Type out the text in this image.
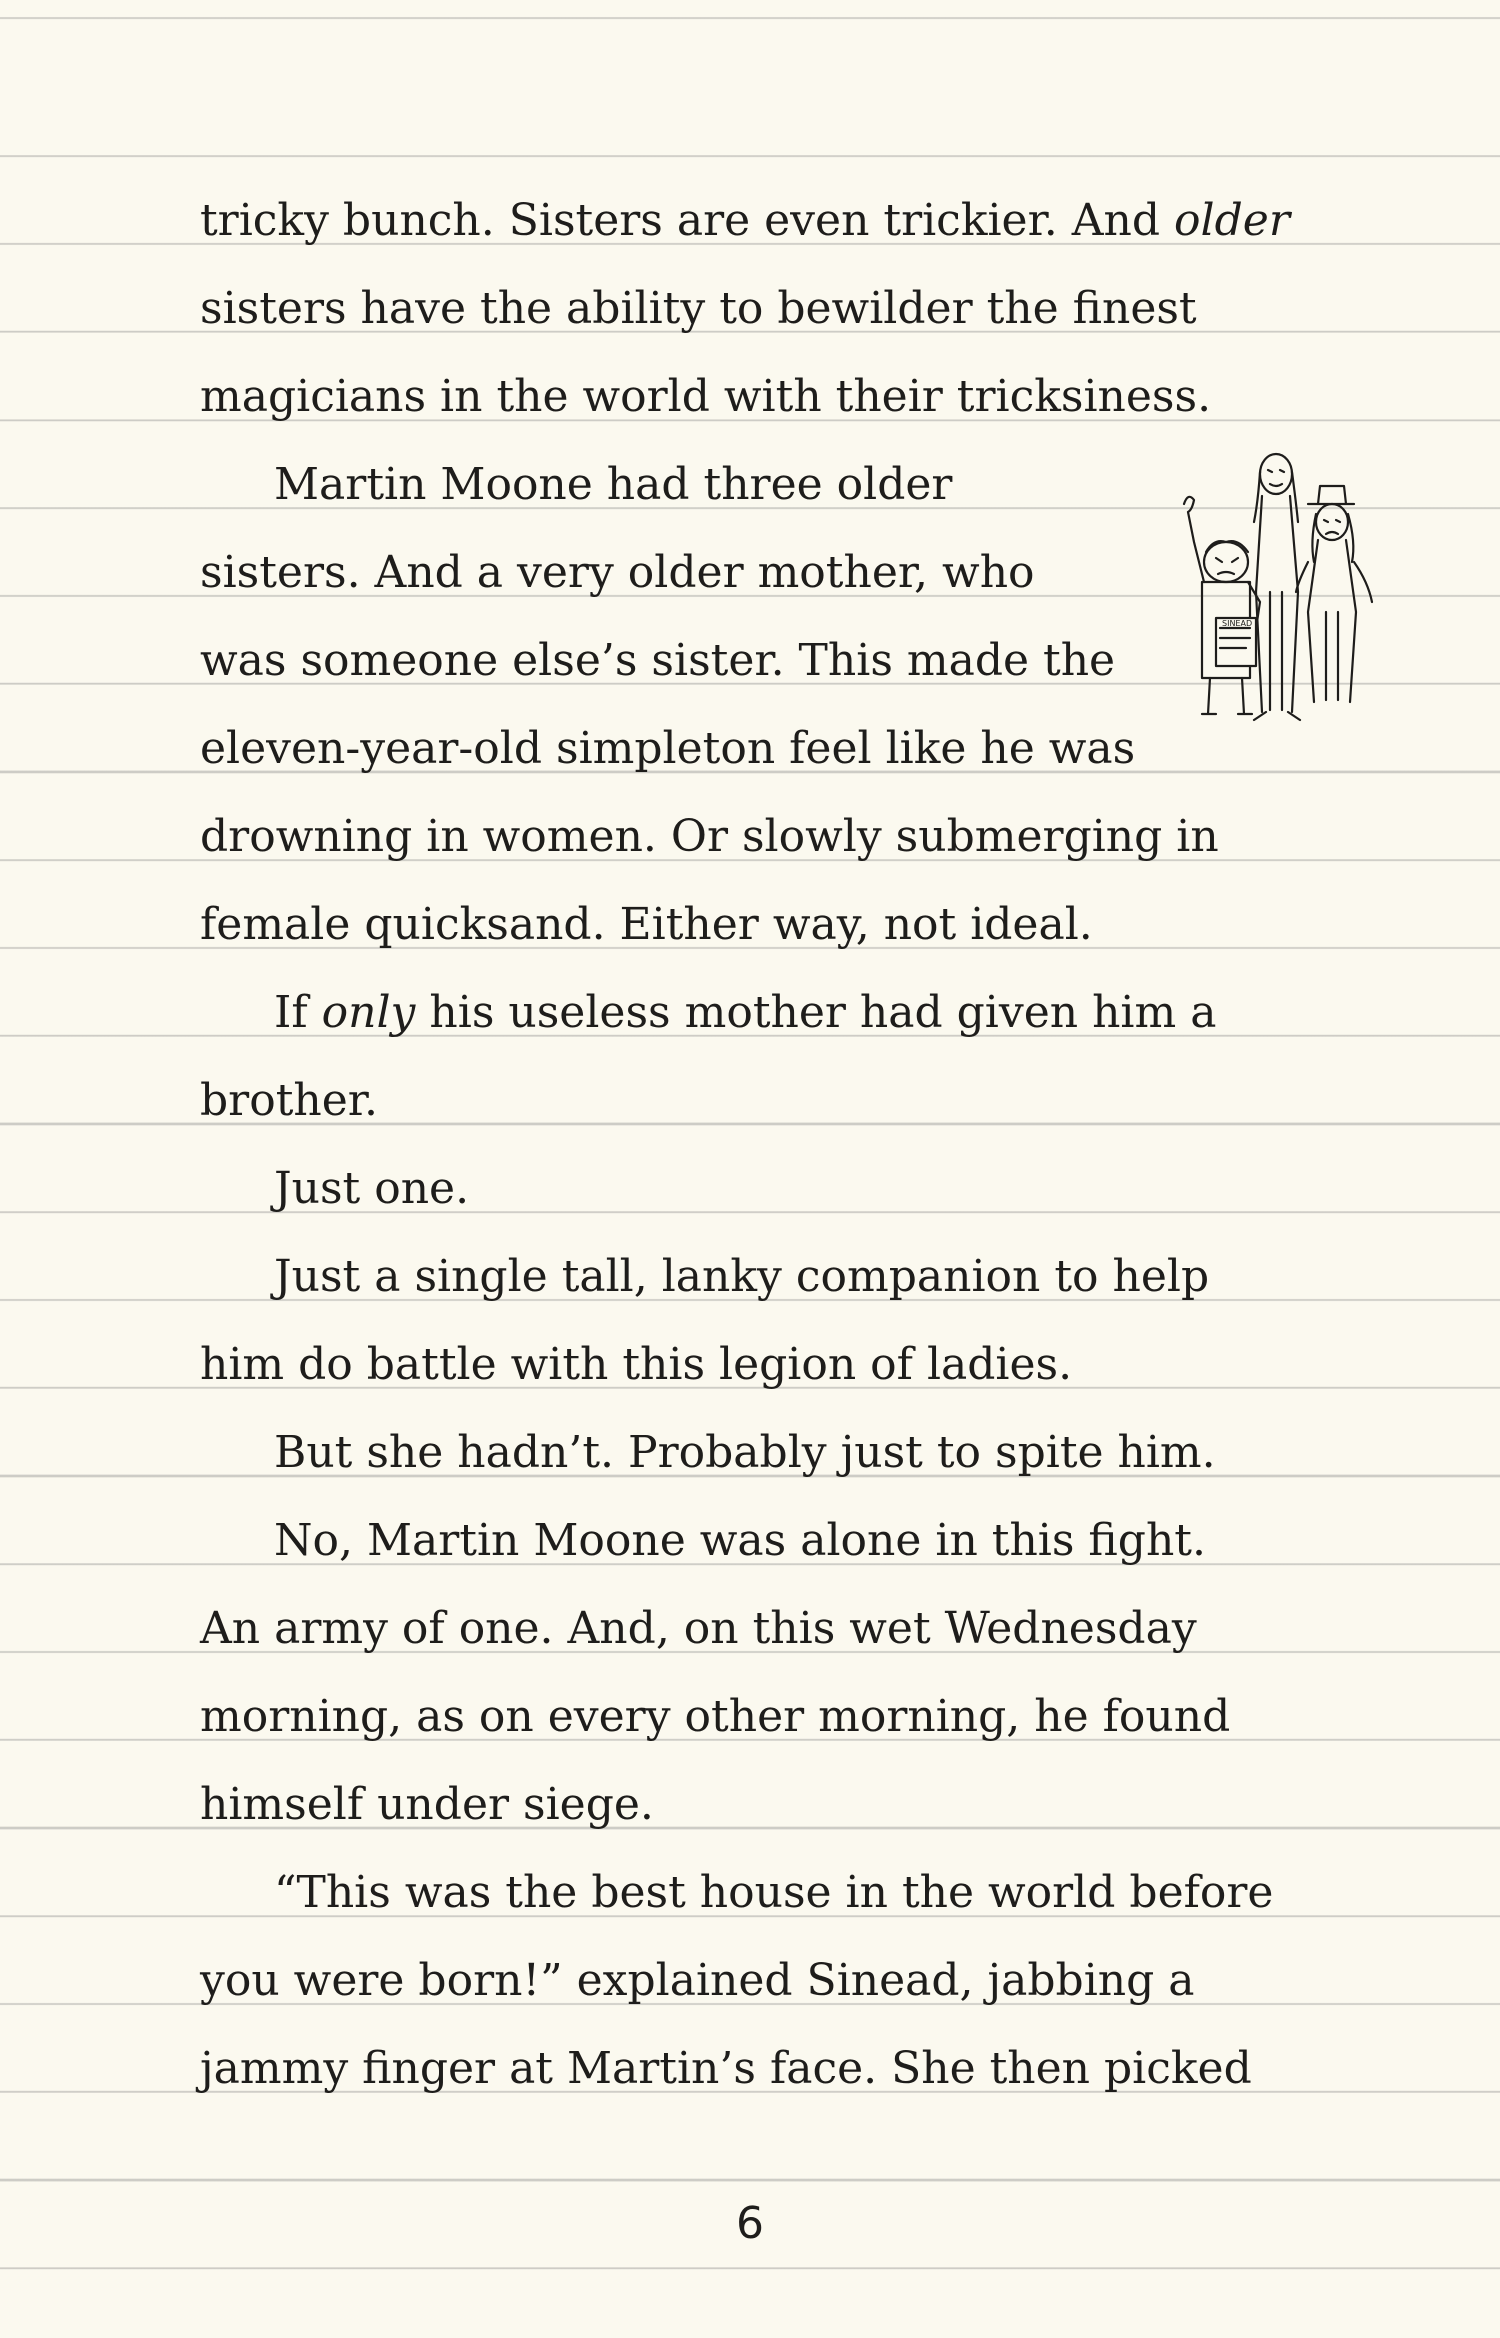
tricky bunch. Sisters are even trickier. And older
sisters have the ability to bewilder the finest
magicians in the world with their tricksiness.
Martin Moone had three older
sisters. And a very older mother, who
was someone else’s sister. This made the
eleven-year-old simpleton feel like he was
drowning in women. Or slowly submerging in
female quicksand. Either way, not ideal.
If only his useless mother had given him a
brother.
Just one.
Just a single tall, lanky companion to help
him do battle with this legion of ladies.
But she hadn’t. Probably just to spite him.
No, Martin Moone was alone in this fight.
An army of one. And, on this wet Wednesday
morning, as on every other morning, he found
himself under siege.
“This was the best house in the world before
you were born!” explained Sinead, jabbing a
jammy finger at Martin’s face. She then picked
SINEAD
6
